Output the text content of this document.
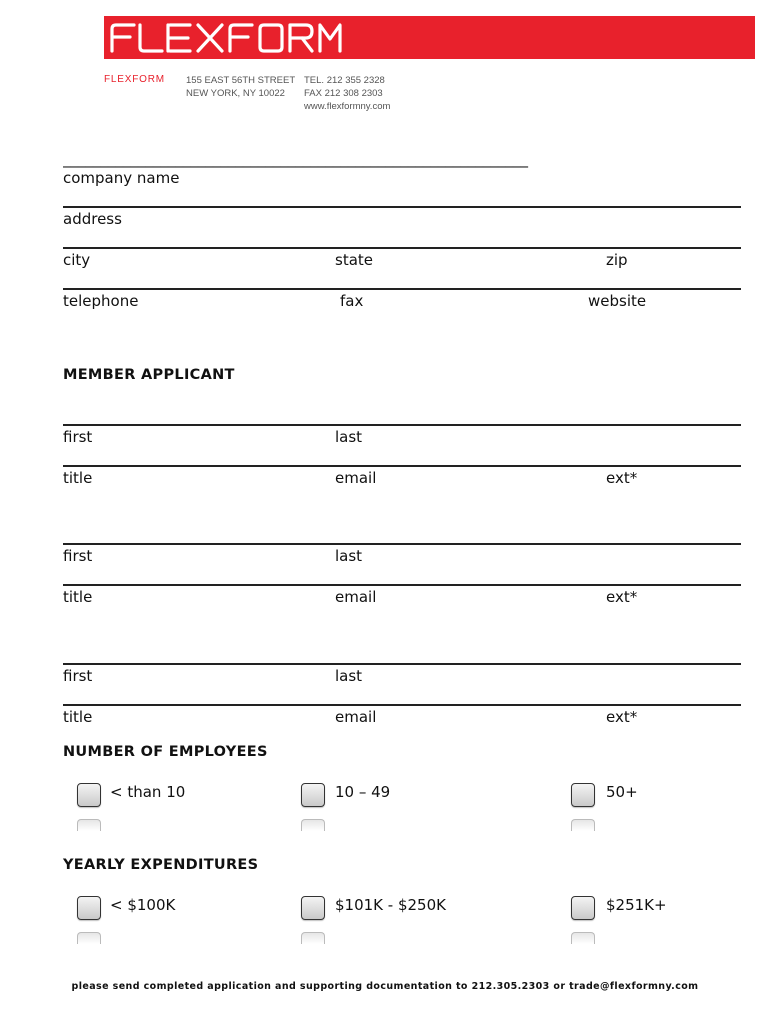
FLEXFORM 155 EAST 56TH STREET
NEW YORK, NY 10022
TEL. 212 355 2328
FAX 212 308 2303
www.flexformny.com
______________________________________________________________
company name
address
city	state	zip
telephone	fax	website
MEMBER APPLICANT
first	last
title	email	ext*
first	last
title	email	ext*
first	last
title	email	ext*
NUMBER OF EMPLOYEES
< than 10	10 – 49	50+
YEARLY EXPENDITURES
< $100K	$101K - $250K	$251K+
please send completed application and supporting documentation to 212.305.2303 or trade@flexformny.com
